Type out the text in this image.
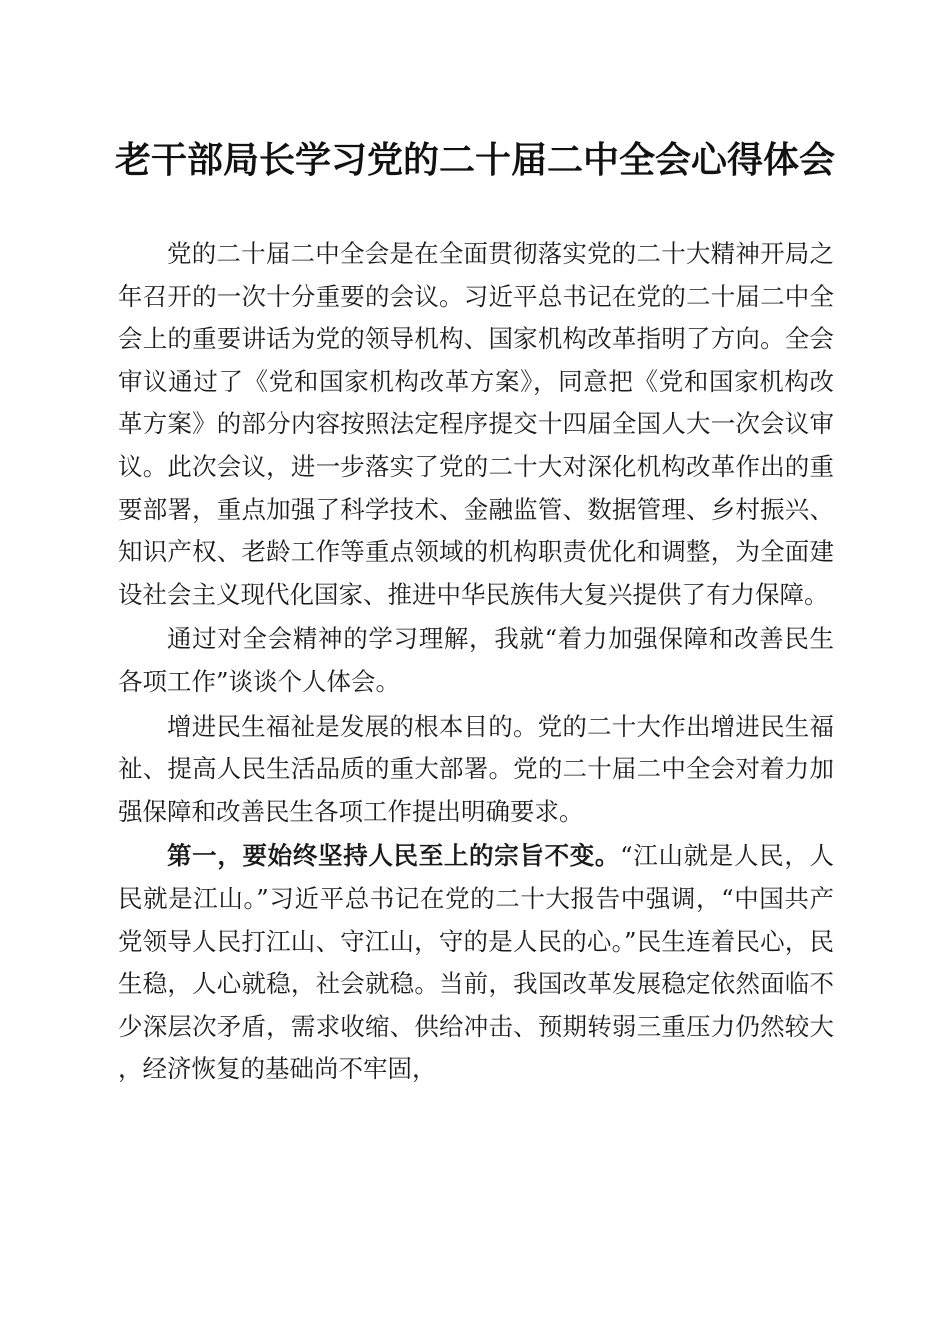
老干部局长学习党的二十届二中全会心得体会

党的二十届二中全会是在全面贯彻落实党的二十大精神开局之年召开的一次十分重要的会议。习近平总书记在党的二十届二中全会上的重要讲话为党的领导机构、国家机构改革指明了方向。全会审议通过了《党和国家机构改革方案》，同意把《党和国家机构改革方案》的部分内容按照法定程序提交十四届全国人大一次会议审议。此次会议，进一步落实了党的二十大对深化机构改革作出的重要部署，重点加强了科学技术、金融监管、数据管理、乡村振兴、知识产权、老龄工作等重点领域的机构职责优化和调整，为全面建设社会主义现代化国家、推进中华民族伟大复兴提供了有力保障。

通过对全会精神的学习理解，我就“着力加强保障和改善民生各项工作”谈谈个人体会。

增进民生福祉是发展的根本目的。党的二十大作出增进民生福祉、提高人民生活品质的重大部署。党的二十届二中全会对着力加强保障和改善民生各项工作提出明确要求。

第一，要始终坚持人民至上的宗旨不变。“江山就是人民，人民就是江山。”习近平总书记在党的二十大报告中强调，“中国共产党领导人民打江山、守江山，守的是人民的心。”民生连着民心，民生稳，人心就稳，社会就稳。当前，我国改革发展稳定依然面临不少深层次矛盾，需求收缩、供给冲击、预期转弱三重压力仍然较大，经济恢复的基础尚不牢固，
